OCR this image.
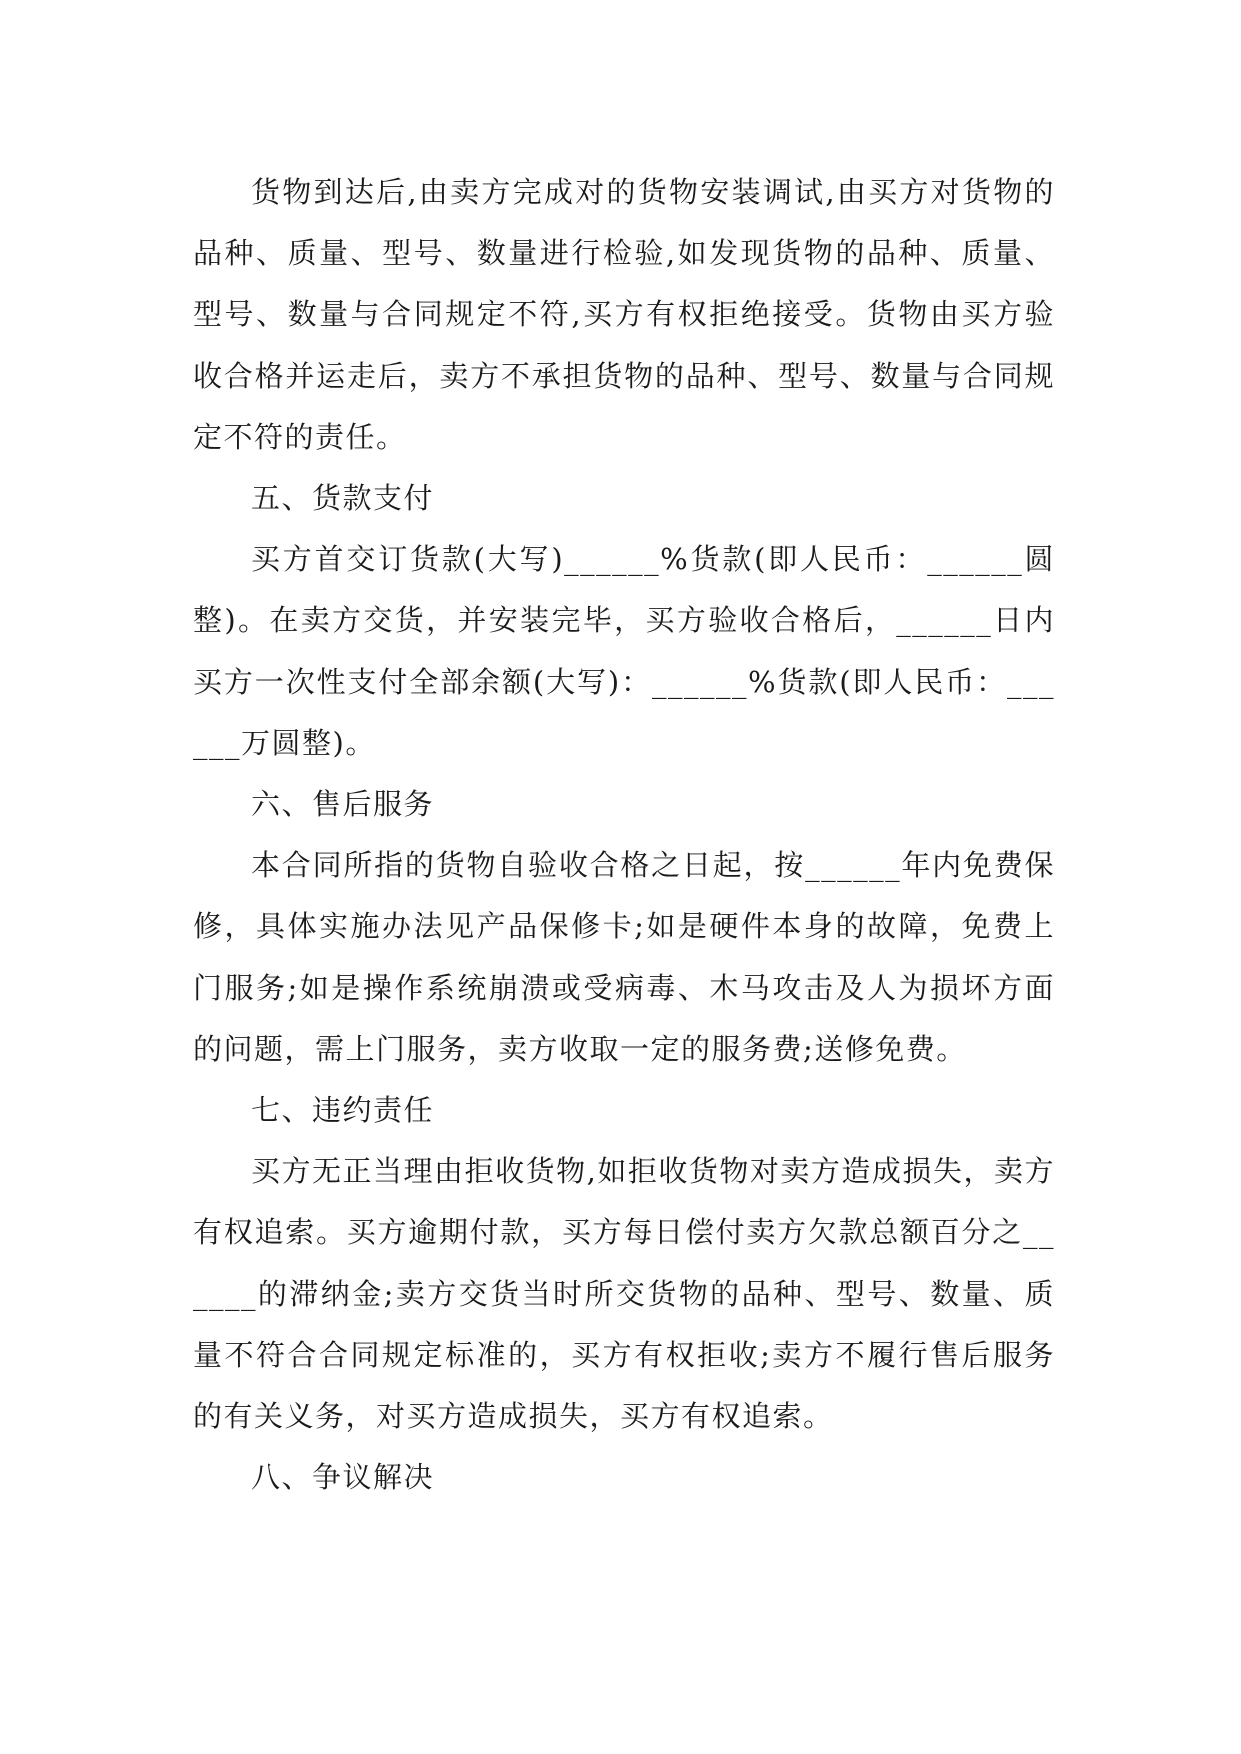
货物到达后,由卖方完成对的货物安装调试,由买方对货物的品种、质量、型号、数量进行检验,如发现货物的品种、质量、型号、数量与合同规定不符,买方有权拒绝接受。货物由买方验收合格并运走后，卖方不承担货物的品种、型号、数量与合同规定不符的责任。

五、货款支付

买方首交订货款(大写)______%货款(即人民币：______圆整)。在卖方交货，并安装完毕，买方验收合格后，______日内买方一次性支付全部余额(大写)：______%货款(即人民币：______万圆整)。

六、售后服务

本合同所指的货物自验收合格之日起，按______年内免费保修，具体实施办法见产品保修卡;如是硬件本身的故障，免费上门服务;如是操作系统崩溃或受病毒、木马攻击及人为损坏方面的问题，需上门服务，卖方收取一定的服务费;送修免费。

七、违约责任

买方无正当理由拒收货物,如拒收货物对卖方造成损失，卖方有权追索。买方逾期付款，买方每日偿付卖方欠款总额百分之______的滞纳金;卖方交货当时所交货物的品种、型号、数量、质量不符合合同规定标准的，买方有权拒收;卖方不履行售后服务的有关义务，对买方造成损失，买方有权追索。

八、争议解决
